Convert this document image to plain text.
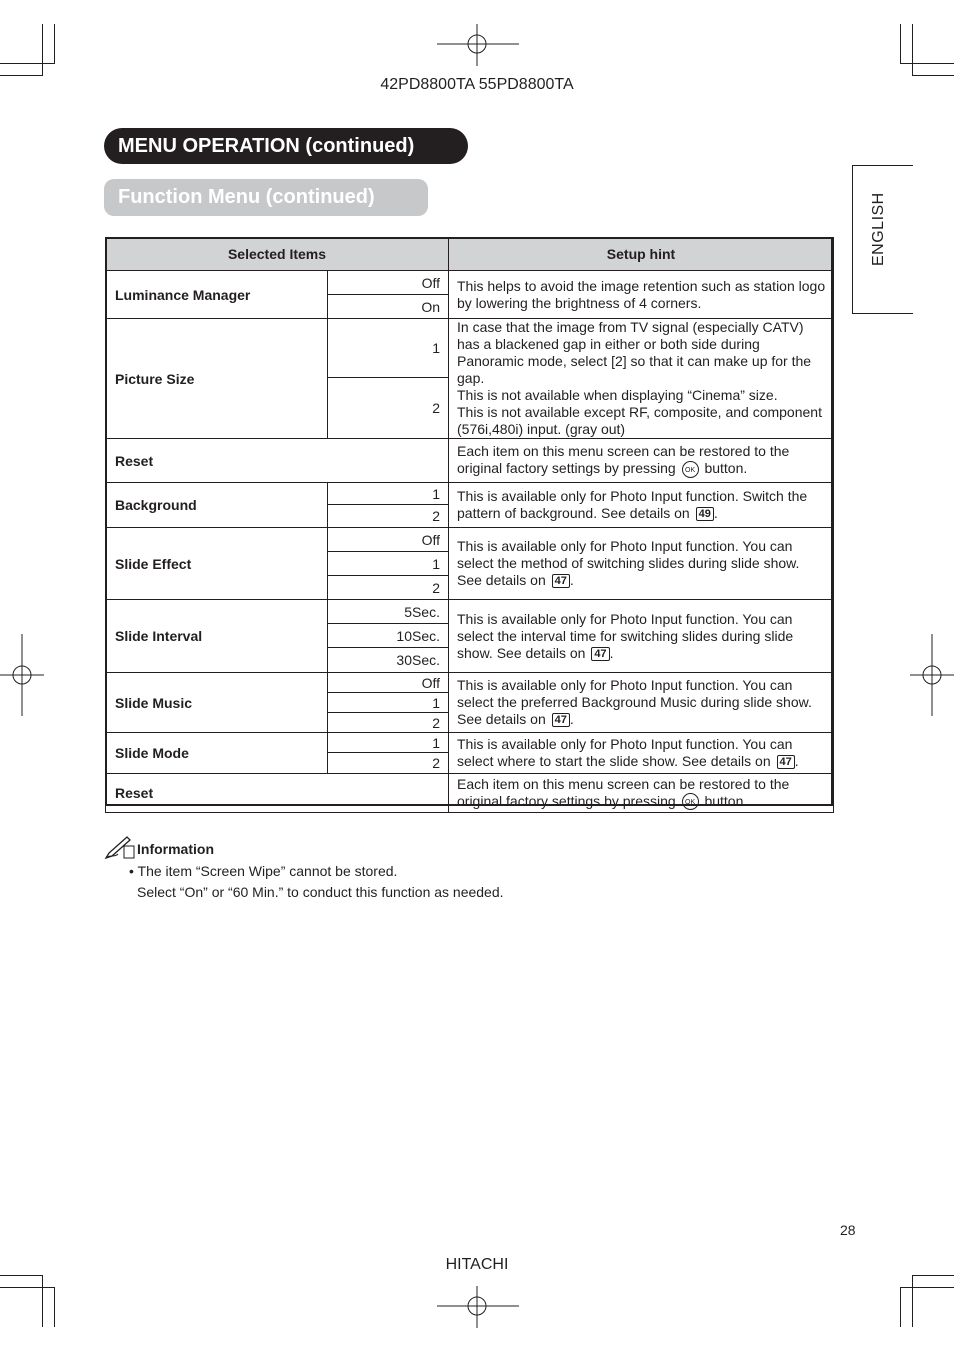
42PD8800TA 55PD8800TA
MENU OPERATION (continued)
Function Menu (continued)	ENGLISH
Selected Items		Setup hint
Luminance Manager	Off	This helps to avoid the image retention such as station logo by lowering the brightness of 4 corners.
	On	
Picture Size	1	In case that the image from TV signal (especially CATV) has a blackened gap in either or both side during Panoramic mode, select [2] so that it can make up for the gap.
This is not available when displaying “Cinema” size.
This is not available except RF, composite, and component (576i,480i) input. (gray out)

	2	
Reset		Each item on this menu screen can be restored to the original factory settings by pressing OK button.
Background	1	This is available only for Photo Input function. Switch the pattern of background. See details on 49 .
	2	
Slide Effect	Off	This is available only for Photo Input function. You can select the method of switching slides during slide show.
See details on 47 .

	1	
	2	
Slide Interval	5Sec.	This is available only for Photo Input function. You can select the interval time for switching slides during slide show. See details on 47 .
	10Sec.	
	30Sec.	
Slide Music	Off	This is available only for Photo Input function. You can select the preferred Background Music during slide show.
See details on 47 .

	1	
	2	
Slide Mode	1	This is available only for Photo Input function. You can select where to start the slide show. See details on 47 .
	2	
Reset		Each item on this menu screen can be restored to the original factory settings by pressing OK button.
Information
• The item “Screen Wipe” cannot be stored.
Select “On” or “60 Min.” to conduct this function as needed.
28
HITACHI
